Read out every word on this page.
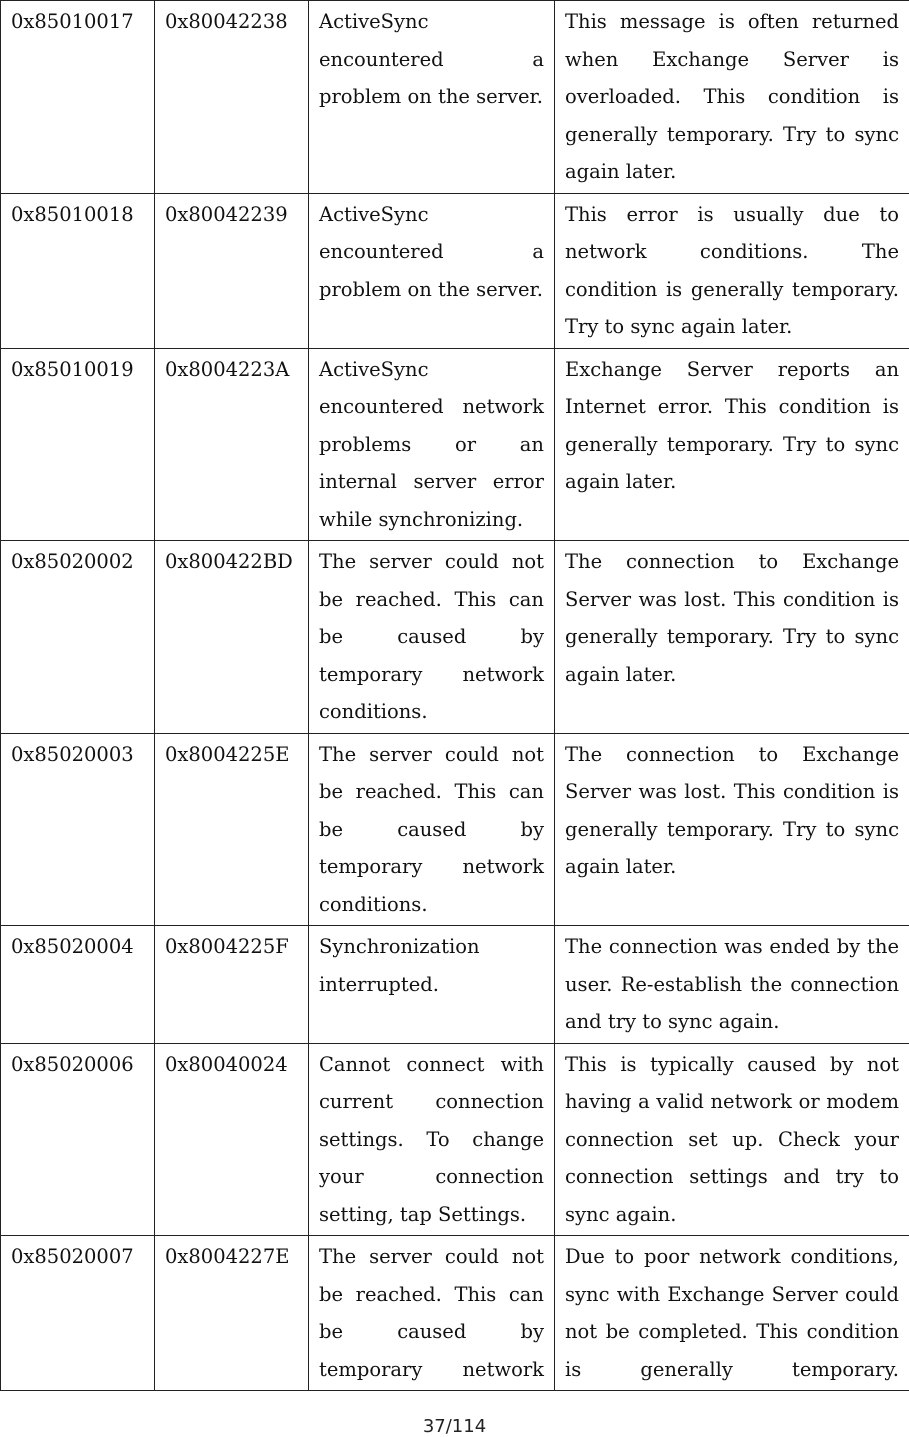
0x85010017	0x80042238	ActiveSync encountered a problem on the server.	This message is often returned when Exchange Server is overloaded. This condition is generally temporary. Try to sync again later.
0x85010018	0x80042239	ActiveSync encountered a problem on the server.	This error is usually due to network conditions. The condition is generally temporary. Try to sync again later.
0x85010019	0x8004223A	ActiveSync encountered network problems or an internal server error while synchronizing.	Exchange Server reports an Internet error. This condition is generally temporary. Try to sync again later.
0x85020002	0x800422BD	The server could not be reached. This can be caused by temporary network conditions.	The connection to Exchange Server was lost. This condition is generally temporary. Try to sync again later.
0x85020003	0x8004225E	The server could not be reached. This can be caused by temporary network conditions.	The connection to Exchange Server was lost. This condition is generally temporary. Try to sync again later.
0x85020004	0x8004225F	Synchronization interrupted.	The connection was ended by the user. Re-establish the connection and try to sync again.
0x85020006	0x80040024	Cannot connect with current connection settings. To change your connection setting, tap Settings.	This is typically caused by not having a valid network or modem connection set up. Check your connection settings and try to sync again.
0x85020007	0x8004227E	The server could not be reached. This can be caused by temporary network	Due to poor network conditions, sync with Exchange Server could not be completed. This condition is generally temporary.
37/114
